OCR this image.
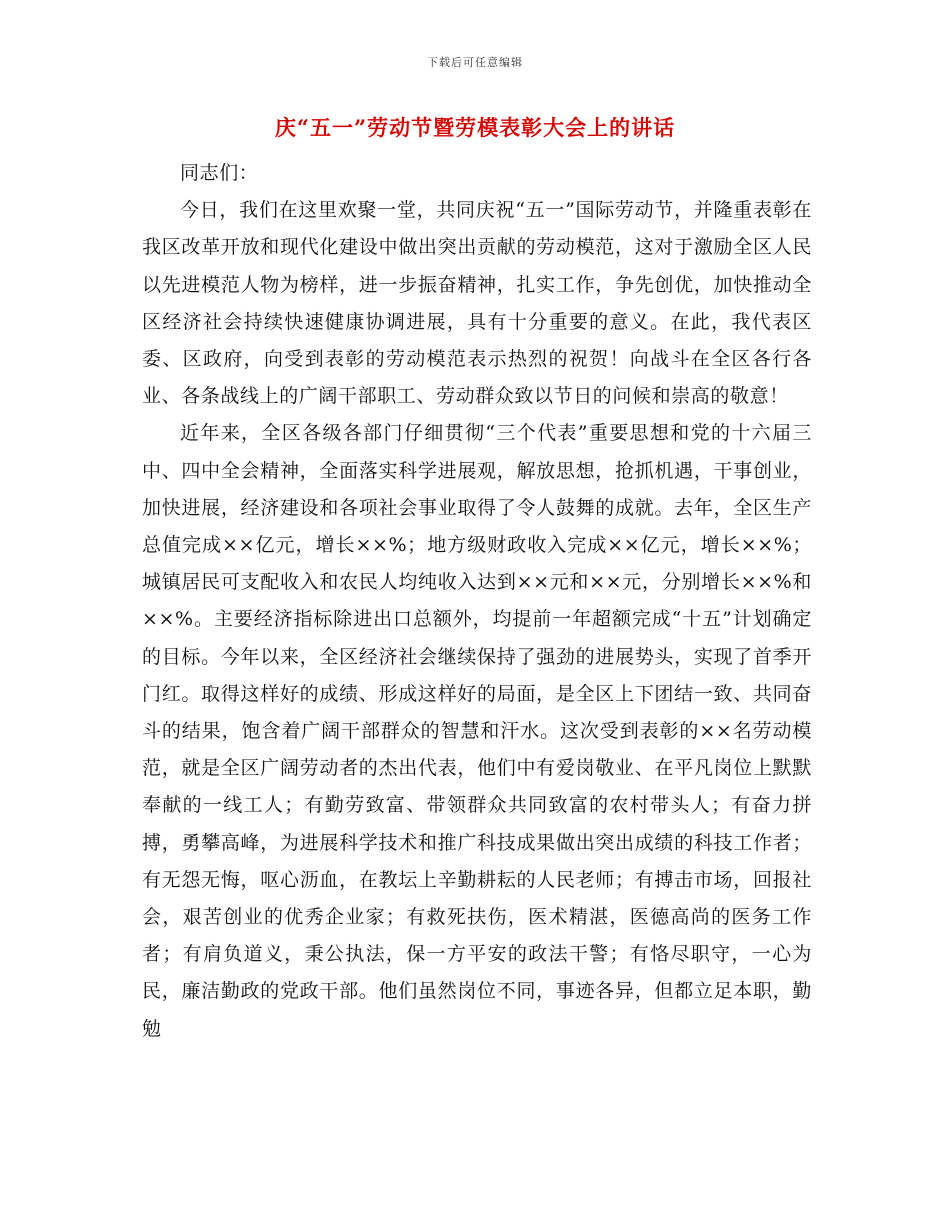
下载后可任意编辑
庆“五一”劳动节暨劳模表彰大会上的讲话

同志们：

今日，我们在这里欢聚一堂，共同庆祝“五一”国际劳动节，并隆重表彰在我区改革开放和现代化建设中做出突出贡献的劳动模范，这对于激励全区人民以先进模范人物为榜样，进一步振奋精神，扎实工作，争先创优，加快推动全区经济社会持续快速健康协调进展，具有十分重要的意义。在此，我代表区委、区政府，向受到表彰的劳动模范表示热烈的祝贺！向战斗在全区各行各业、各条战线上的广阔干部职工、劳动群众致以节日的问候和崇高的敬意！

近年来，全区各级各部门仔细贯彻“三个代表”重要思想和党的十六届三中、四中全会精神，全面落实科学进展观，解放思想，抢抓机遇，干事创业，加快进展，经济建设和各项社会事业取得了令人鼓舞的成就。去年，全区生产总值完成××亿元，增长××%；地方级财政收入完成××亿元，增长××%；城镇居民可支配收入和农民人均纯收入达到××元和××元，分别增长××%和××%。主要经济指标除进出口总额外，均提前一年超额完成“十五”计划确定的目标。今年以来，全区经济社会继续保持了强劲的进展势头，实现了首季开门红。取得这样好的成绩、形成这样好的局面，是全区上下团结一致、共同奋斗的结果，饱含着广阔干部群众的智慧和汗水。这次受到表彰的××名劳动模范，就是全区广阔劳动者的杰出代表，他们中有爱岗敬业、在平凡岗位上默默奉献的一线工人；有勤劳致富、带领群众共同致富的农村带头人；有奋力拼搏，勇攀高峰，为进展科学技术和推广科技成果做出突出成绩的科技工作者；有无怨无悔，呕心沥血，在教坛上辛勤耕耘的人民老师；有搏击市场，回报社会，艰苦创业的优秀企业家；有救死扶伤，医术精湛，医德高尚的医务工作者；有肩负道义，秉公执法，保一方平安的政法干警；有恪尽职守，一心为民，廉洁勤政的党政干部。他们虽然岗位不同，事迹各异，但都立足本职，勤勉
